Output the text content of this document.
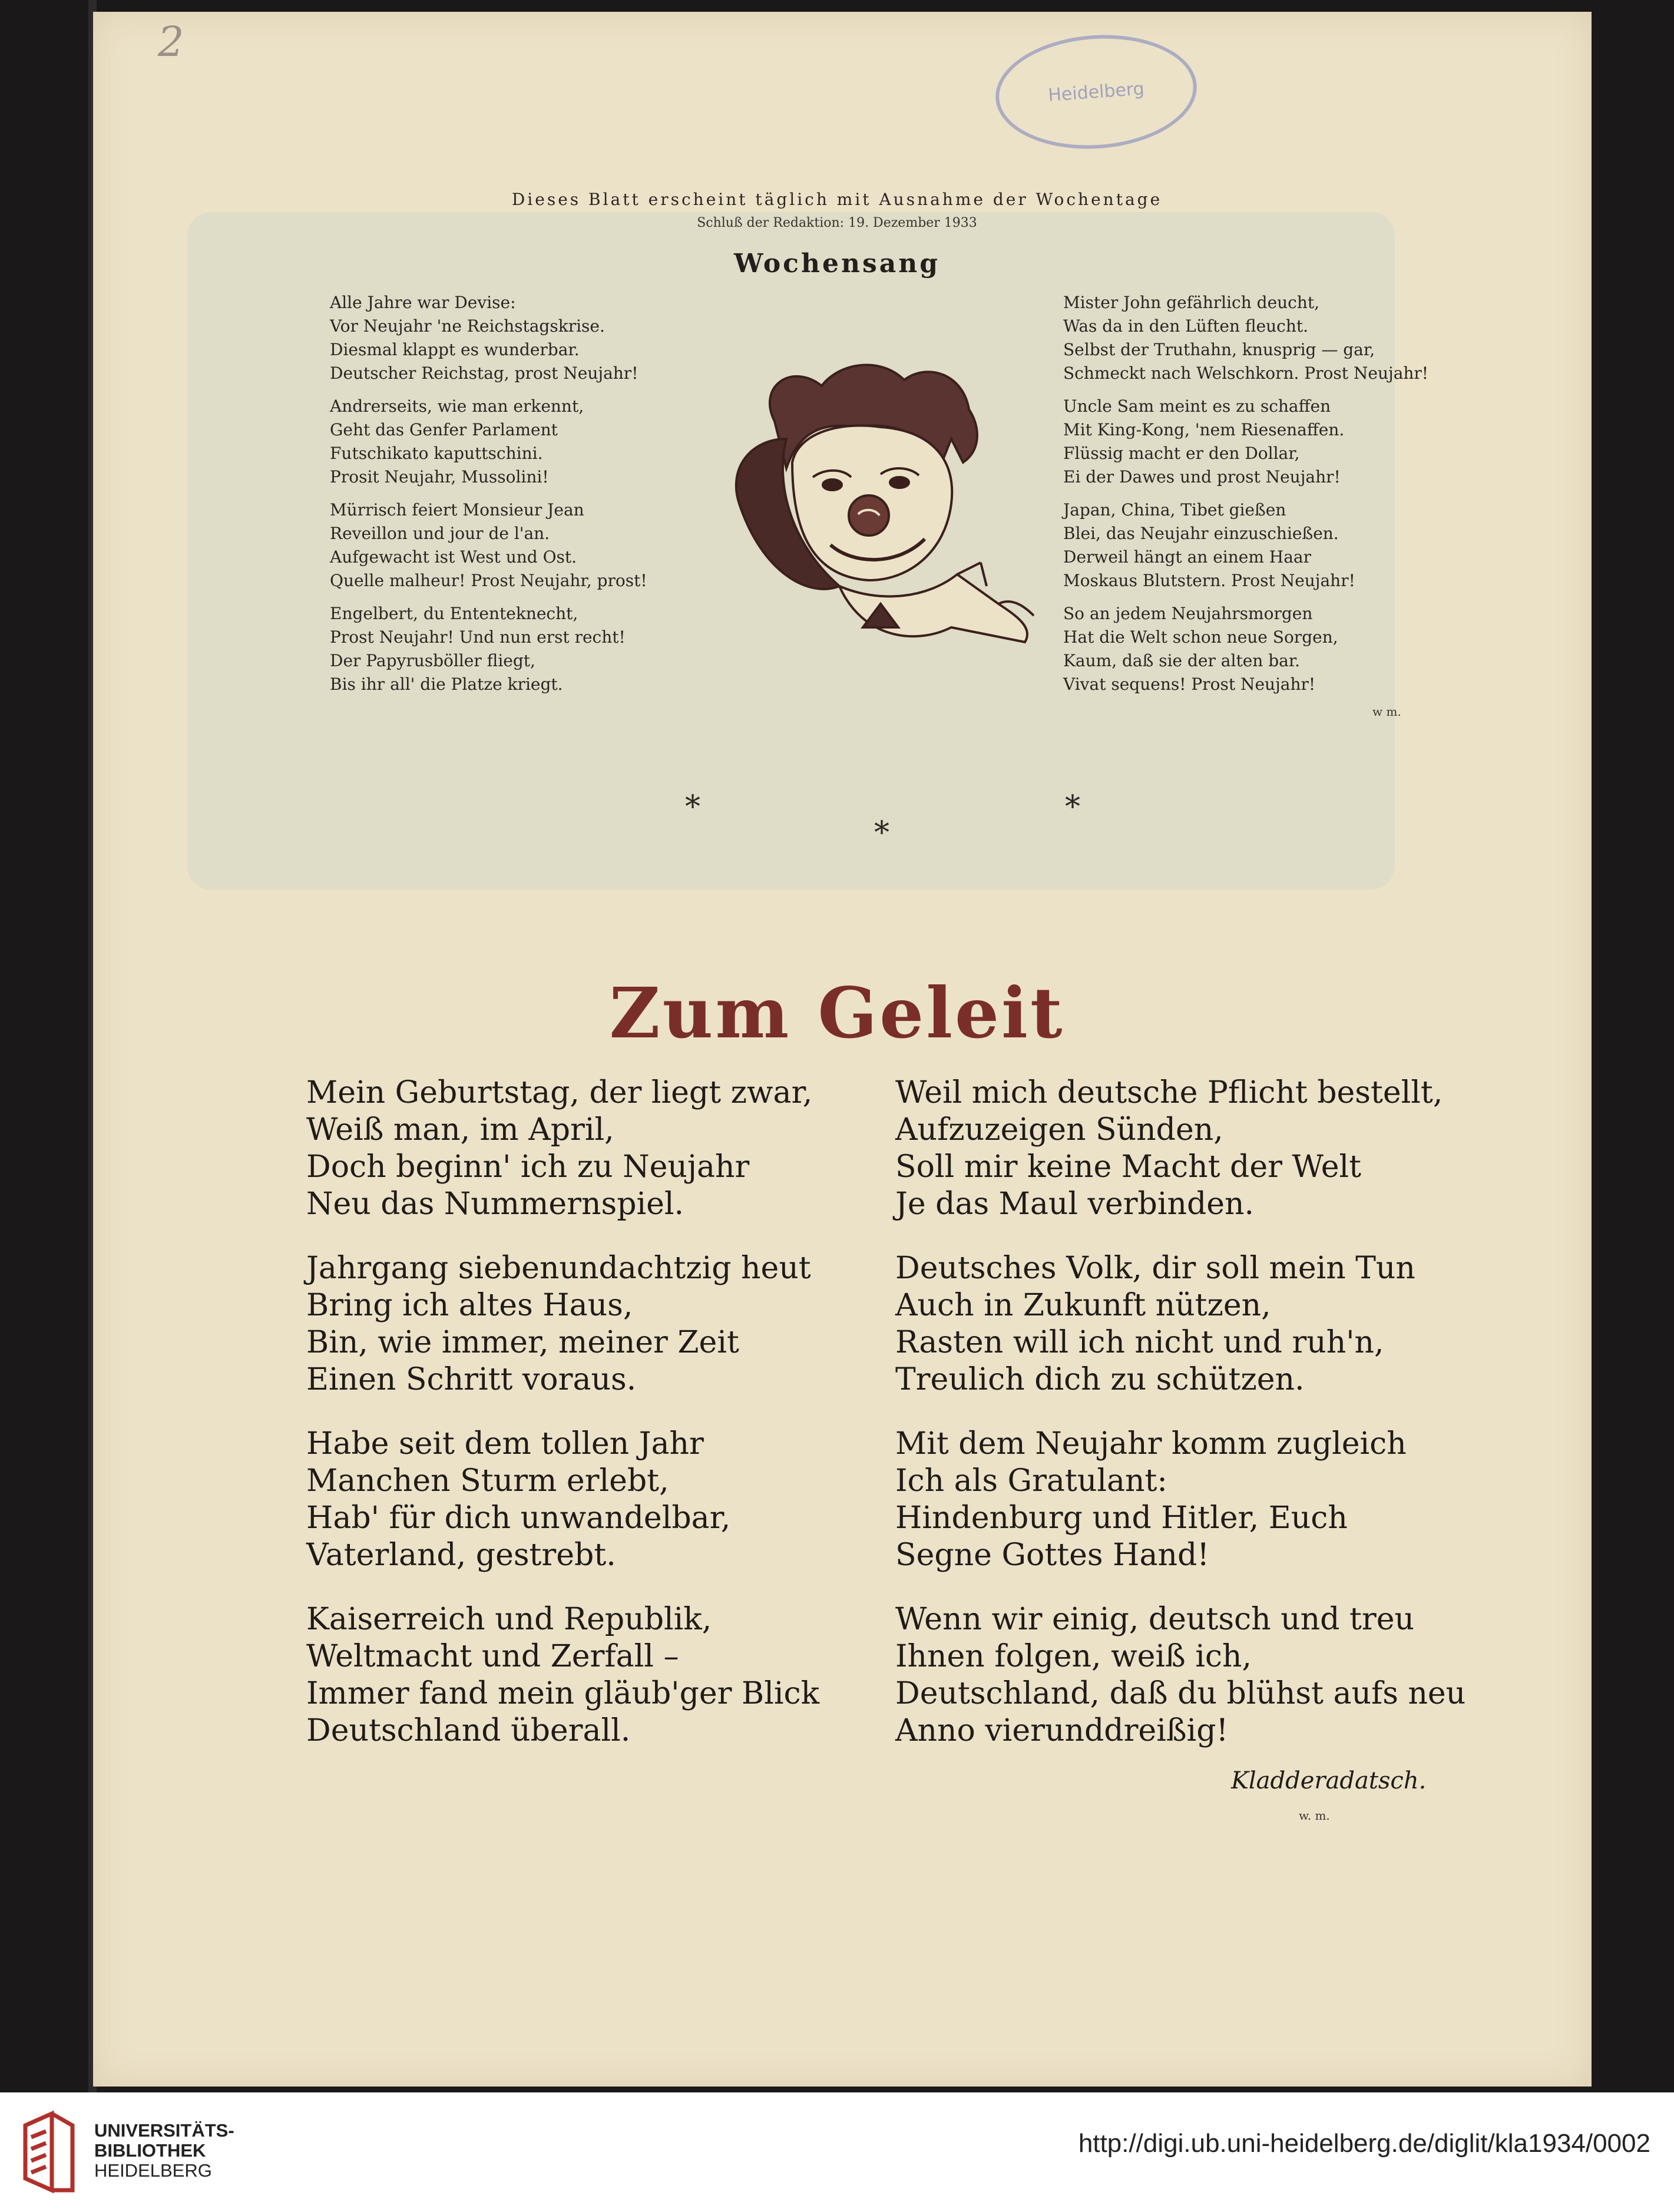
2
Heidelberg
Dieses Blatt erscheint täglich mit Ausnahme der Wochentage
Schluß der Redaktion: 19. Dezember 1933
Wochensang
Alle Jahre war Devise:
Vor Neujahr 'ne Reichstagskrise.
Diesmal klappt es wunderbar.
Deutscher Reichstag, prost Neujahr!
Andrerseits, wie man erkennt,
Geht das Genfer Parlament
Futschikato kaputtschini.
Prosit Neujahr, Mussolini!
Mürrisch feiert Monsieur Jean
Reveillon und jour de l'an.
Aufgewacht ist West und Ost.
Quelle malheur! Prost Neujahr, prost!
Engelbert, du Ententeknecht,
Prost Neujahr! Und nun erst recht!
Der Papyrusböller fliegt,
Bis ihr all' die Platze kriegt.
Mister John gefährlich deucht,
Was da in den Lüften fleucht.
Selbst der Truthahn, knusprig — gar,
Schmeckt nach Welschkorn. Prost Neujahr!
Uncle Sam meint es zu schaffen
Mit King-Kong, 'nem Riesenaffen.
Flüssig macht er den Dollar,
Ei der Dawes und prost Neujahr!
Japan, China, Tibet gießen
Blei, das Neujahr einzuschießen.
Derweil hängt an einem Haar
Moskaus Blutstern. Prost Neujahr!
So an jedem Neujahrsmorgen
Hat die Welt schon neue Sorgen,
Kaum, daß sie der alten bar.
Vivat sequens! Prost Neujahr!
w m.
*
*
*
Zum Geleit
Mein Geburtstag, der liegt zwar,
Weiß man, im April,
Doch beginn' ich zu Neujahr
Neu das Nummernspiel.
Jahrgang siebenundachtzig heut
Bring ich altes Haus,
Bin, wie immer, meiner Zeit
Einen Schritt voraus.
Habe seit dem tollen Jahr
Manchen Sturm erlebt,
Hab' für dich unwandelbar,
Vaterland, gestrebt.
Kaiserreich und Republik,
Weltmacht und Zerfall –
Immer fand mein gläub'ger Blick
Deutschland überall.
Weil mich deutsche Pflicht bestellt,
Aufzuzeigen Sünden,
Soll mir keine Macht der Welt
Je das Maul verbinden.
Deutsches Volk, dir soll mein Tun
Auch in Zukunft nützen,
Rasten will ich nicht und ruh'n,
Treulich dich zu schützen.
Mit dem Neujahr komm zugleich
Ich als Gratulant:
Hindenburg und Hitler, Euch
Segne Gottes Hand!
Wenn wir einig, deutsch und treu
Ihnen folgen, weiß ich,
Deutschland, daß du blühst aufs neu
Anno vierunddreißig!
Kladderadatsch.
w. m.
UNIVERSITÄTS-
BIBLIOTHEK
HEIDELBERG
http://digi.ub.uni-heidelberg.de/diglit/kla1934/0002
